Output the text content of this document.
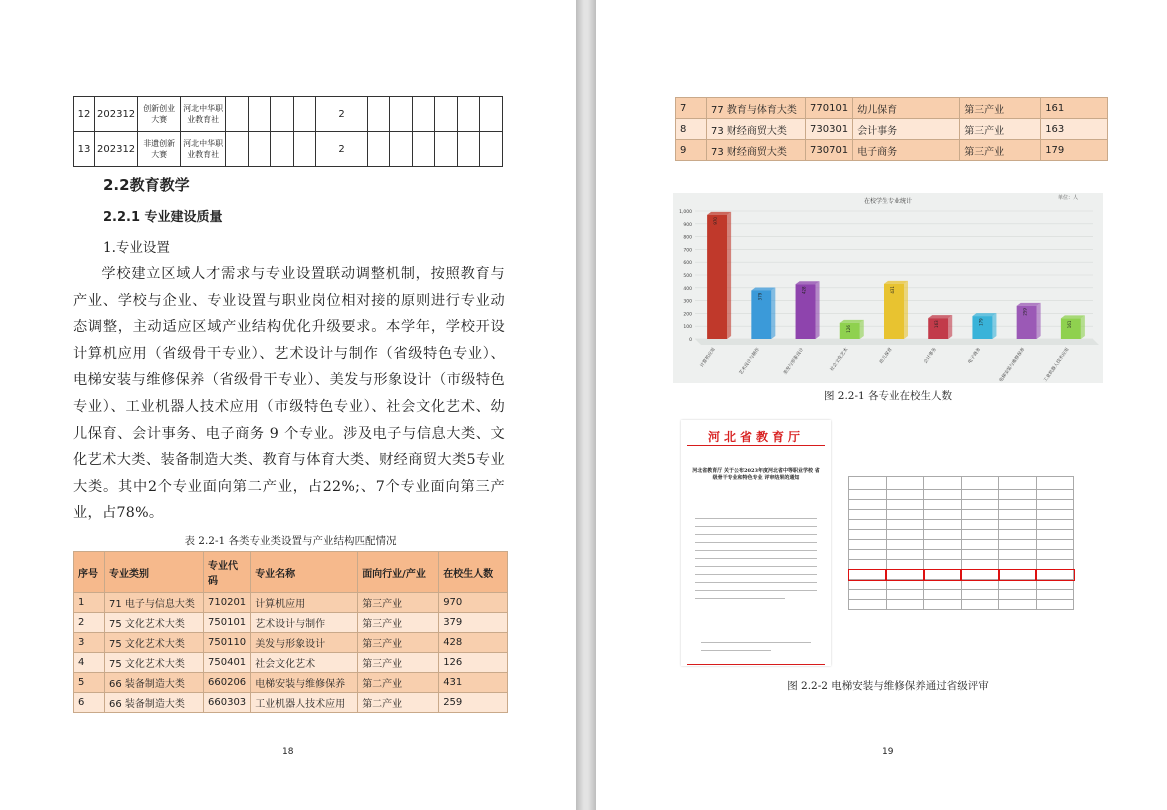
12	202312	创新创业大赛	河北中华职业教育社					2						
13	202312	非遗创新大赛	河北中华职业教育社					2						
2.2教育教学
2.2.1 专业建设质量
1.专业设置

学校建立区域人才需求与专业设置联动调整机制，按照教育与产业、学校与企业、专业设置与职业岗位相对接的原则进行专业动态调整，主动适应区域产业结构优化升级要求。本学年，学校开设计算机应用（省级骨干专业）、艺术设计与制作（省级特色专业）、电梯安装与维修保养（省级骨干专业）、美发与形象设计（市级特色专业）、工业机器人技术应用（市级特色专业）、社会文化艺术、幼儿保育、会计事务、电子商务 9 个专业。涉及电子与信息大类、文化艺术大类、装备制造大类、教育与体育大类、财经商贸大类5专业大类。其中2个专业面向第二产业，占22%;、7个专业面向第三产业，占78%。

表 2.2-1 各类专业类设置与产业结构匹配情况
序号	专业类别	专业代码	专业名称	面向行业/产业	在校生人数
1	71 电子与信息大类	710201	计算机应用	第三产业	970
2	75 文化艺术大类	750101	艺术设计与制作	第三产业	379
3	75 文化艺术大类	750110	美发与形象设计	第三产业	428
4	75 文化艺术大类	750401	社会文化艺术	第三产业	126
5	66 装备制造大类	660206	电梯安装与维修保养	第二产业	431
6	66 装备制造大类	660303	工业机器人技术应用	第二产业	259
18
7	77 教育与体育大类	770101	幼儿保育	第三产业	161
8	73 财经商贸大类	730301	会计事务	第三产业	163
9	73 财经商贸大类	730701	电子商务	第三产业	179
在校学生专业统计	单位：人
0
100
200
300
400
500
600
700
800
900
1,000
970
计算机应用
379
艺术设计与制作
428
美发与形象设计
126
社会文化艺术
431
幼儿保育
163
会计事务
179
电子商务
259
电梯安装与维修保养
161
工业机器人技术应用
图 2.2-1 各专业在校生人数
河北省教育厅
河北省教育厅 关于公布2023年度河北省中等职业学校 省级骨干专业和特色专业 评审结果的通知

图 2.2-2 电梯安装与维修保养通过省级评审
19
